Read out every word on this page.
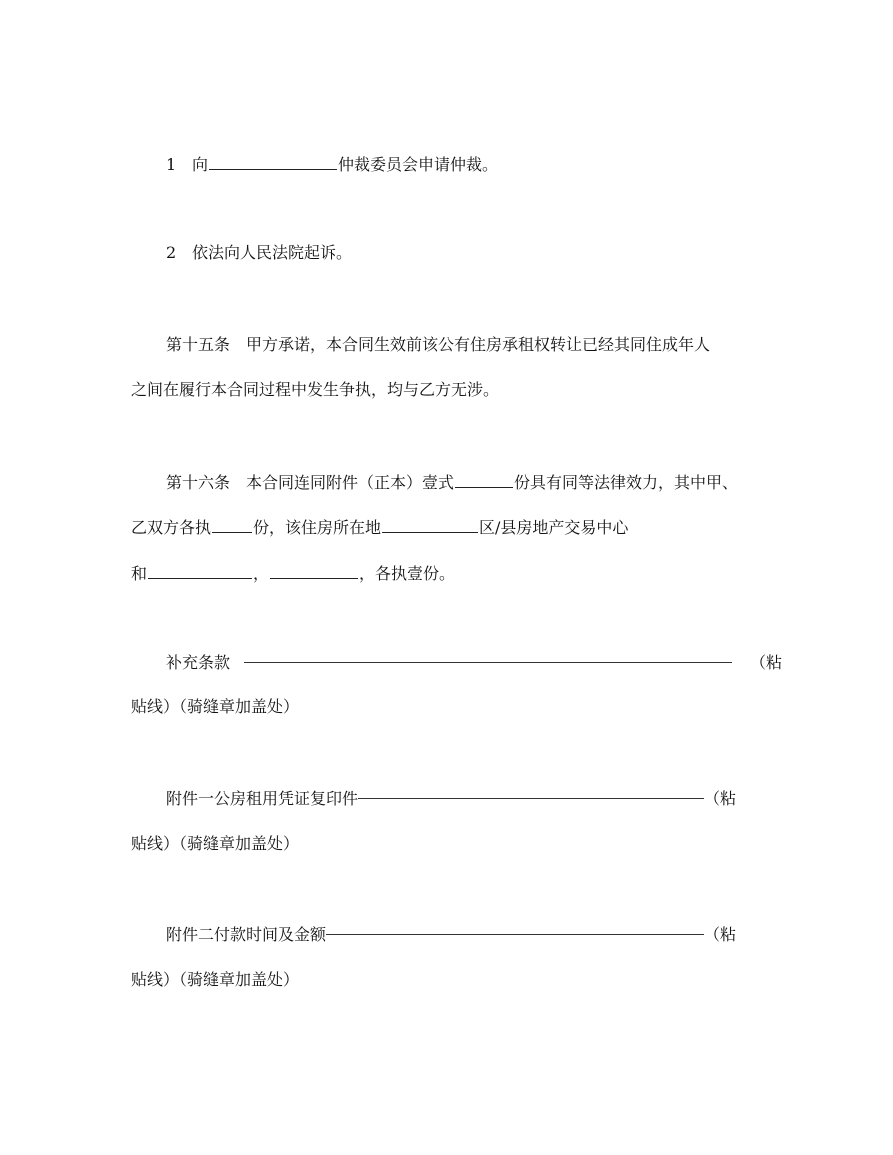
1 向	仲裁委员会申请仲裁。
2 依法向人民法院起诉。
第十五条 甲方承诺，本合同生效前该公有住房承租权转让已经其同住成年人
之间在履行本合同过程中发生争执，均与乙方无涉。
第十六条 本合同连同附件（正本）壹式	份具有同等法律效力，其中甲、
乙双方各执	份，该住房所在地	区/县房地产交易中心
和	，	，各执壹份。
补充条款	（粘
贴线）（骑缝章加盖处）
附件一公房租用凭证复印件	（粘
贴线）（骑缝章加盖处）
附件二付款时间及金额	（粘
贴线）（骑缝章加盖处）
